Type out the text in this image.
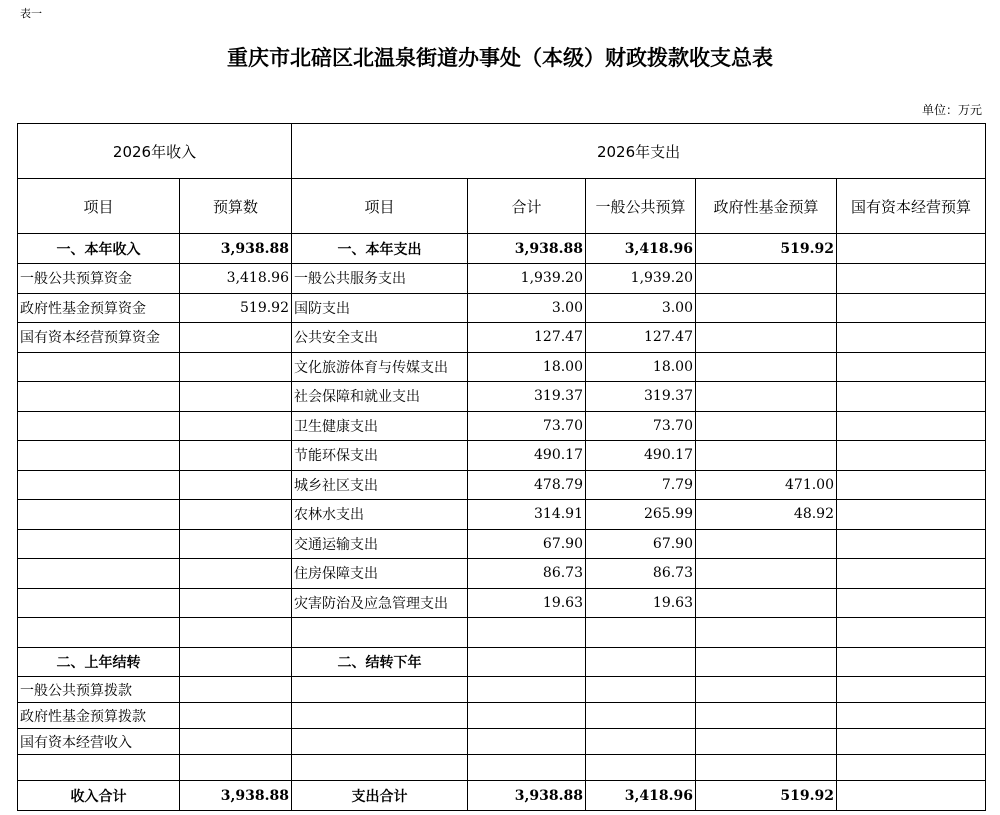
表一
重庆市北碚区北温泉街道办事处（本级）财政拨款收支总表
单位：万元
2026年收入		2026年支出				
项目	预算数	项目	合计	一般公共预算	政府性基金预算	国有资本经营预算
一、本年收入	3,938.88	一、本年支出	3,938.88	3,418.96	519.92	
一般公共预算资金	3,418.96	一般公共服务支出	1,939.20	1,939.20		
政府性基金预算资金	519.92	国防支出	3.00	3.00		
国有资本经营预算资金		公共安全支出	127.47	127.47		
		文化旅游体育与传媒支出	18.00	18.00		
		社会保障和就业支出	319.37	319.37		
		卫生健康支出	73.70	73.70		
		节能环保支出	490.17	490.17		
		城乡社区支出	478.79	7.79	471.00	
		农林水支出	314.91	265.99	48.92	
		交通运输支出	67.90	67.90		
		住房保障支出	86.73	86.73		
		灾害防治及应急管理支出	19.63	19.63		

二、上年结转		二、结转下年				
一般公共预算拨款						
政府性基金预算拨款						
国有资本经营收入						

收入合计	3,938.88	支出合计	3,938.88	3,418.96	519.92	
